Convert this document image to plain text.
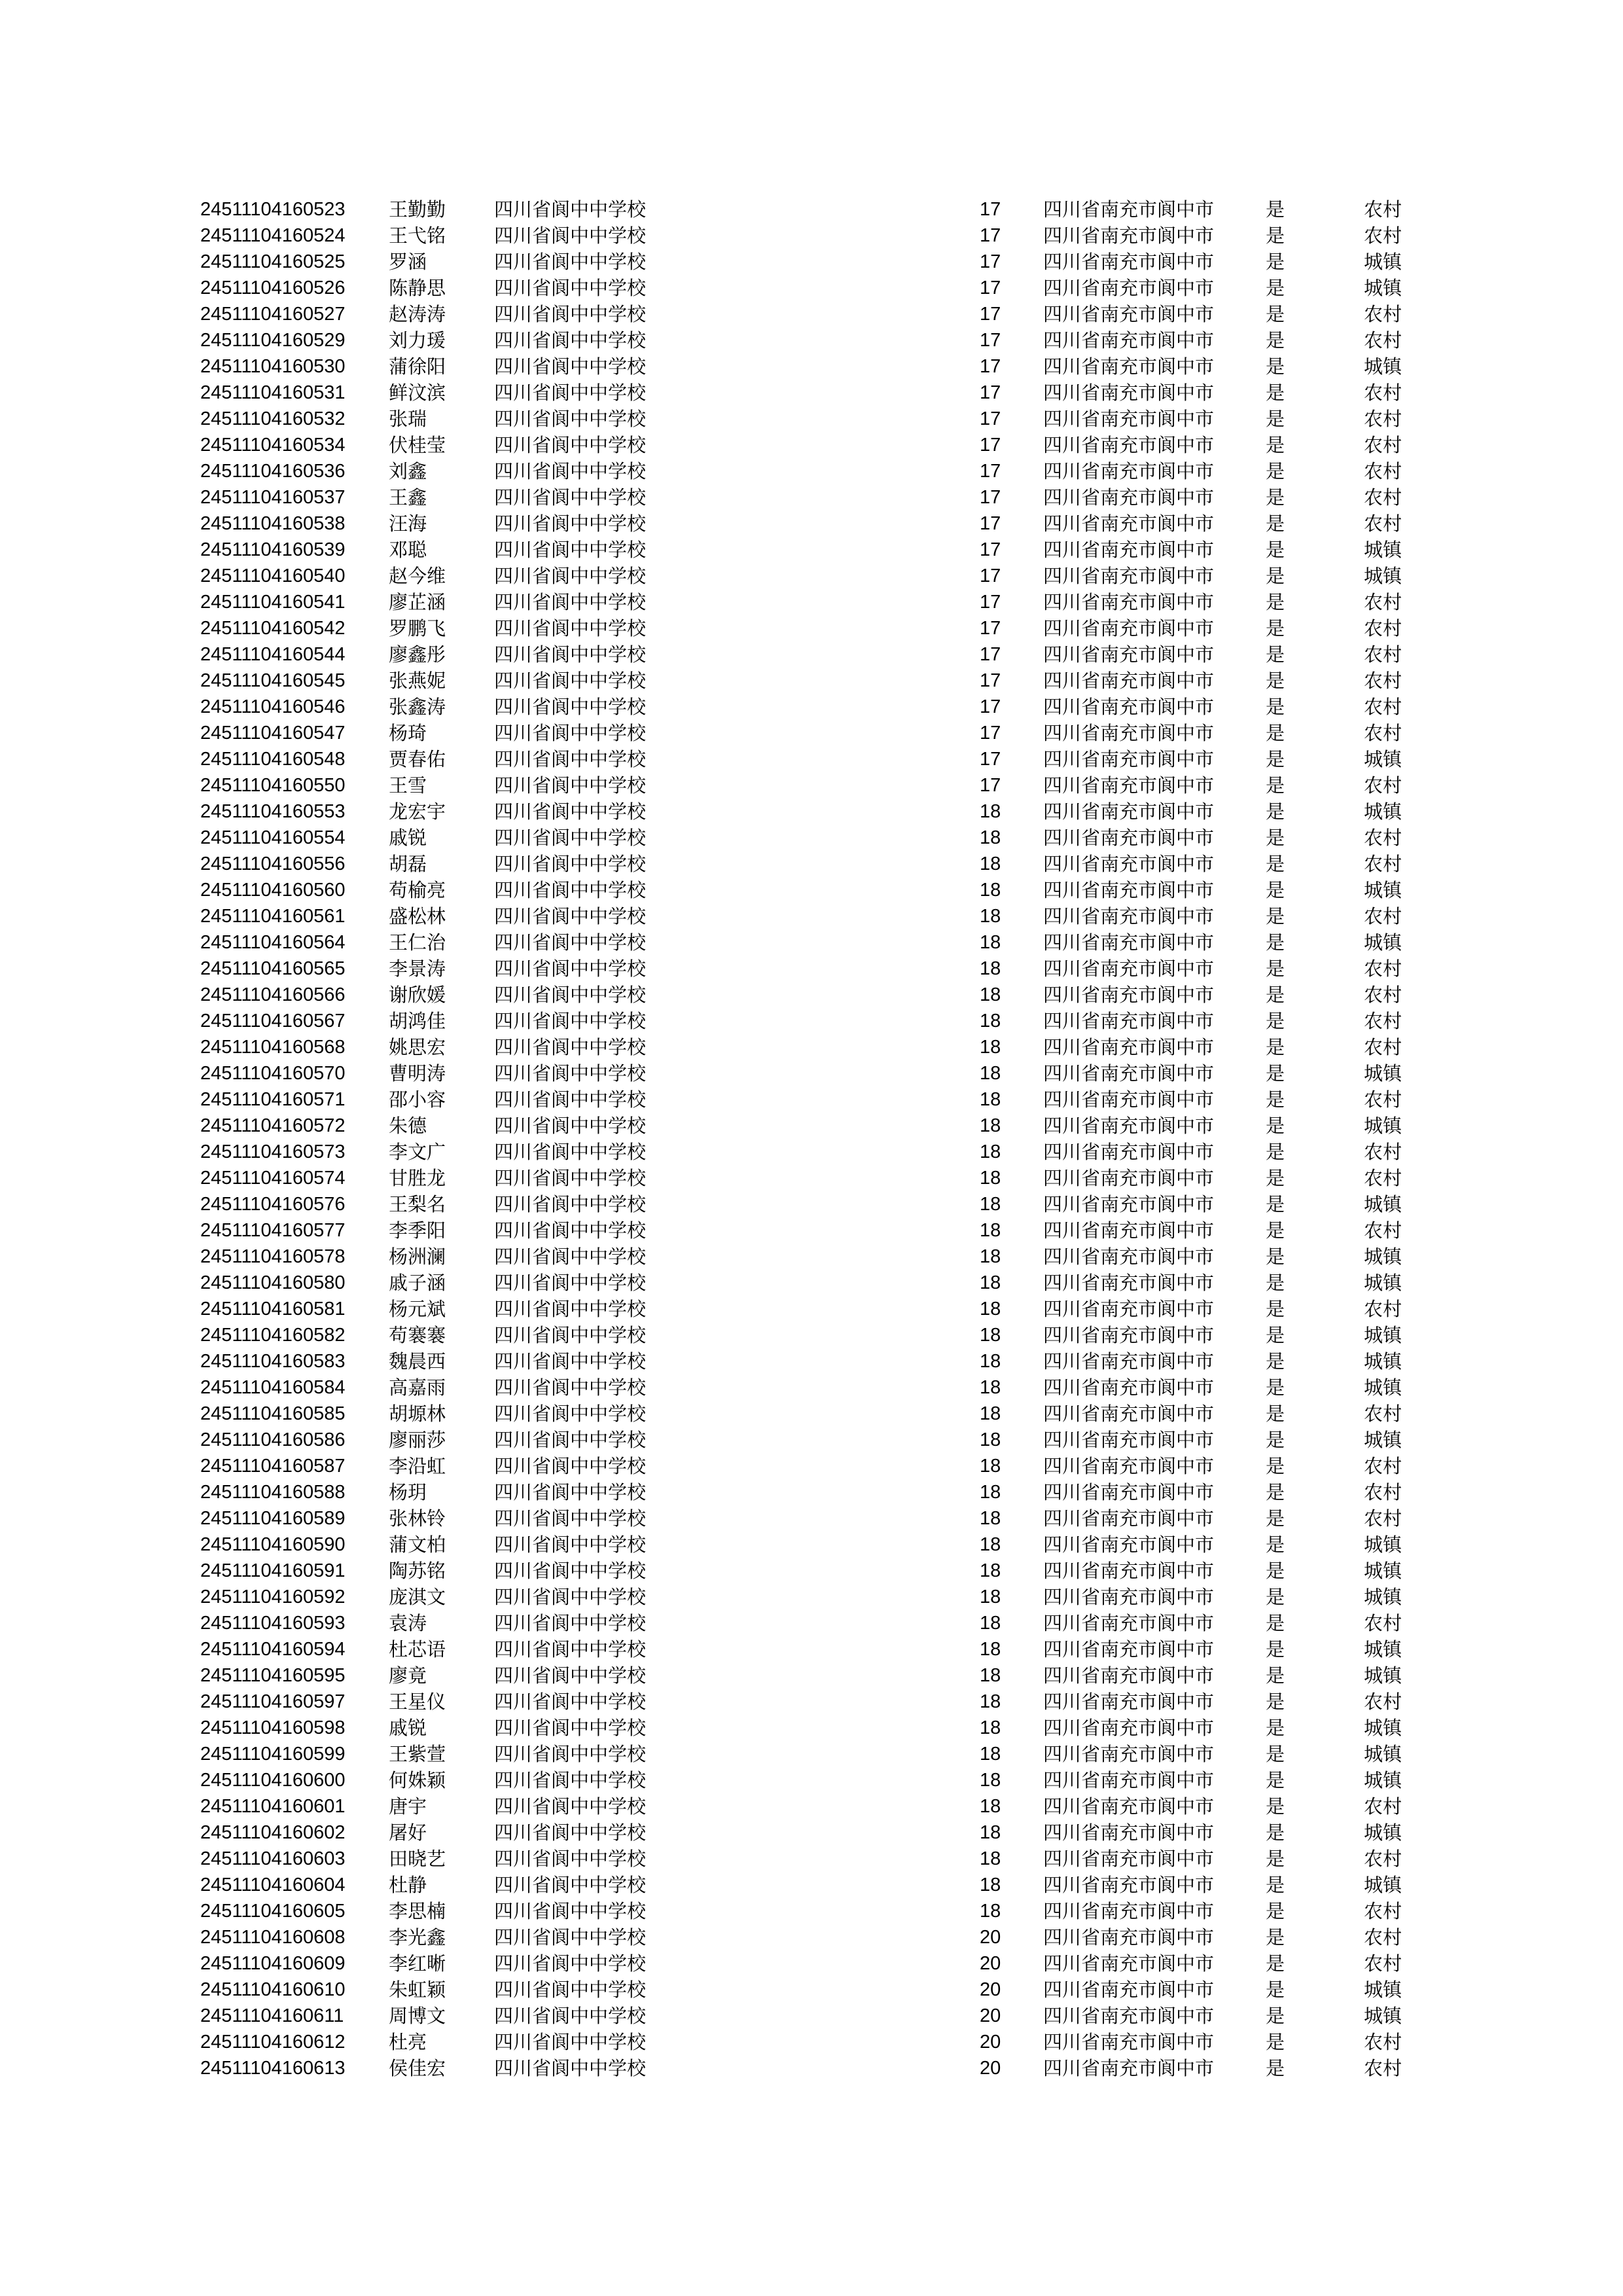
24511104160523 王勤勤	四川省阆中中学校	17 四川省南充市阆中市	是	农村
24511104160524 王弋铭	四川省阆中中学校	17 四川省南充市阆中市	是	农村
24511104160525 罗涵	四川省阆中中学校	17 四川省南充市阆中市	是	城镇
24511104160526 陈静思	四川省阆中中学校	17 四川省南充市阆中市	是	城镇
24511104160527 赵涛涛	四川省阆中中学校	17 四川省南充市阆中市	是	农村
24511104160529 刘力瑗	四川省阆中中学校	17 四川省南充市阆中市	是	农村
24511104160530 蒲徐阳	四川省阆中中学校	17 四川省南充市阆中市	是	城镇
24511104160531 鲜汶滨	四川省阆中中学校	17 四川省南充市阆中市	是	农村
24511104160532 张瑞	四川省阆中中学校	17 四川省南充市阆中市	是	农村
24511104160534 伏桂莹	四川省阆中中学校	17 四川省南充市阆中市	是	农村
24511104160536 刘鑫	四川省阆中中学校	17 四川省南充市阆中市	是	农村
24511104160537 王鑫	四川省阆中中学校	17 四川省南充市阆中市	是	农村
24511104160538 汪海	四川省阆中中学校	17 四川省南充市阆中市	是	农村
24511104160539 邓聪	四川省阆中中学校	17 四川省南充市阆中市	是	城镇
24511104160540 赵今维	四川省阆中中学校	17 四川省南充市阆中市	是	城镇
24511104160541 廖芷涵	四川省阆中中学校	17 四川省南充市阆中市	是	农村
24511104160542 罗鹏飞	四川省阆中中学校	17 四川省南充市阆中市	是	农村
24511104160544 廖鑫彤	四川省阆中中学校	17 四川省南充市阆中市	是	农村
24511104160545 张燕妮	四川省阆中中学校	17 四川省南充市阆中市	是	农村
24511104160546 张鑫涛	四川省阆中中学校	17 四川省南充市阆中市	是	农村
24511104160547 杨琦	四川省阆中中学校	17 四川省南充市阆中市	是	农村
24511104160548 贾春佑	四川省阆中中学校	17 四川省南充市阆中市	是	城镇
24511104160550 王雪	四川省阆中中学校	17 四川省南充市阆中市	是	农村
24511104160553 龙宏宇	四川省阆中中学校	18 四川省南充市阆中市	是	城镇
24511104160554 戚锐	四川省阆中中学校	18 四川省南充市阆中市	是	农村
24511104160556 胡磊	四川省阆中中学校	18 四川省南充市阆中市	是	农村
24511104160560 苟榆亮	四川省阆中中学校	18 四川省南充市阆中市	是	城镇
24511104160561 盛松林	四川省阆中中学校	18 四川省南充市阆中市	是	农村
24511104160564 王仁治	四川省阆中中学校	18 四川省南充市阆中市	是	城镇
24511104160565 李景涛	四川省阆中中学校	18 四川省南充市阆中市	是	农村
24511104160566 谢欣媛	四川省阆中中学校	18 四川省南充市阆中市	是	农村
24511104160567 胡鸿佳	四川省阆中中学校	18 四川省南充市阆中市	是	农村
24511104160568 姚思宏	四川省阆中中学校	18 四川省南充市阆中市	是	农村
24511104160570 曹明涛	四川省阆中中学校	18 四川省南充市阆中市	是	城镇
24511104160571 邵小容	四川省阆中中学校	18 四川省南充市阆中市	是	农村
24511104160572 朱德	四川省阆中中学校	18 四川省南充市阆中市	是	城镇
24511104160573 李文广	四川省阆中中学校	18 四川省南充市阆中市	是	农村
24511104160574 甘胜龙	四川省阆中中学校	18 四川省南充市阆中市	是	农村
24511104160576 王梨名	四川省阆中中学校	18 四川省南充市阆中市	是	城镇
24511104160577 李季阳	四川省阆中中学校	18 四川省南充市阆中市	是	农村
24511104160578 杨洲澜	四川省阆中中学校	18 四川省南充市阆中市	是	城镇
24511104160580 戚子涵	四川省阆中中学校	18 四川省南充市阆中市	是	城镇
24511104160581 杨元斌	四川省阆中中学校	18 四川省南充市阆中市	是	农村
24511104160582 苟褰褰	四川省阆中中学校	18 四川省南充市阆中市	是	城镇
24511104160583 魏晨西	四川省阆中中学校	18 四川省南充市阆中市	是	城镇
24511104160584 高嘉雨	四川省阆中中学校	18 四川省南充市阆中市	是	城镇
24511104160585 胡塬林	四川省阆中中学校	18 四川省南充市阆中市	是	农村
24511104160586 廖丽莎	四川省阆中中学校	18 四川省南充市阆中市	是	城镇
24511104160587 李沿虹	四川省阆中中学校	18 四川省南充市阆中市	是	农村
24511104160588 杨玥	四川省阆中中学校	18 四川省南充市阆中市	是	农村
24511104160589 张林铃	四川省阆中中学校	18 四川省南充市阆中市	是	农村
24511104160590 蒲文柏	四川省阆中中学校	18 四川省南充市阆中市	是	城镇
24511104160591 陶苏铭	四川省阆中中学校	18 四川省南充市阆中市	是	城镇
24511104160592 庞淇文	四川省阆中中学校	18 四川省南充市阆中市	是	城镇
24511104160593 袁涛	四川省阆中中学校	18 四川省南充市阆中市	是	农村
24511104160594 杜芯语	四川省阆中中学校	18 四川省南充市阆中市	是	城镇
24511104160595 廖竟	四川省阆中中学校	18 四川省南充市阆中市	是	城镇
24511104160597 王星仪	四川省阆中中学校	18 四川省南充市阆中市	是	农村
24511104160598 戚锐	四川省阆中中学校	18 四川省南充市阆中市	是	城镇
24511104160599 王紫萱	四川省阆中中学校	18 四川省南充市阆中市	是	城镇
24511104160600 何姝颖	四川省阆中中学校	18 四川省南充市阆中市	是	城镇
24511104160601 唐宇	四川省阆中中学校	18 四川省南充市阆中市	是	农村
24511104160602 屠好	四川省阆中中学校	18 四川省南充市阆中市	是	城镇
24511104160603 田晓艺	四川省阆中中学校	18 四川省南充市阆中市	是	农村
24511104160604 杜静	四川省阆中中学校	18 四川省南充市阆中市	是	城镇
24511104160605 李思楠	四川省阆中中学校	18 四川省南充市阆中市	是	农村
24511104160608 李光鑫	四川省阆中中学校	20 四川省南充市阆中市	是	农村
24511104160609 李红晰	四川省阆中中学校	20 四川省南充市阆中市	是	农村
24511104160610 朱虹颖	四川省阆中中学校	20 四川省南充市阆中市	是	城镇
24511104160611 周博文	四川省阆中中学校	20 四川省南充市阆中市	是	城镇
24511104160612 杜亮	四川省阆中中学校	20 四川省南充市阆中市	是	农村
24511104160613 侯佳宏	四川省阆中中学校	20 四川省南充市阆中市	是	农村
